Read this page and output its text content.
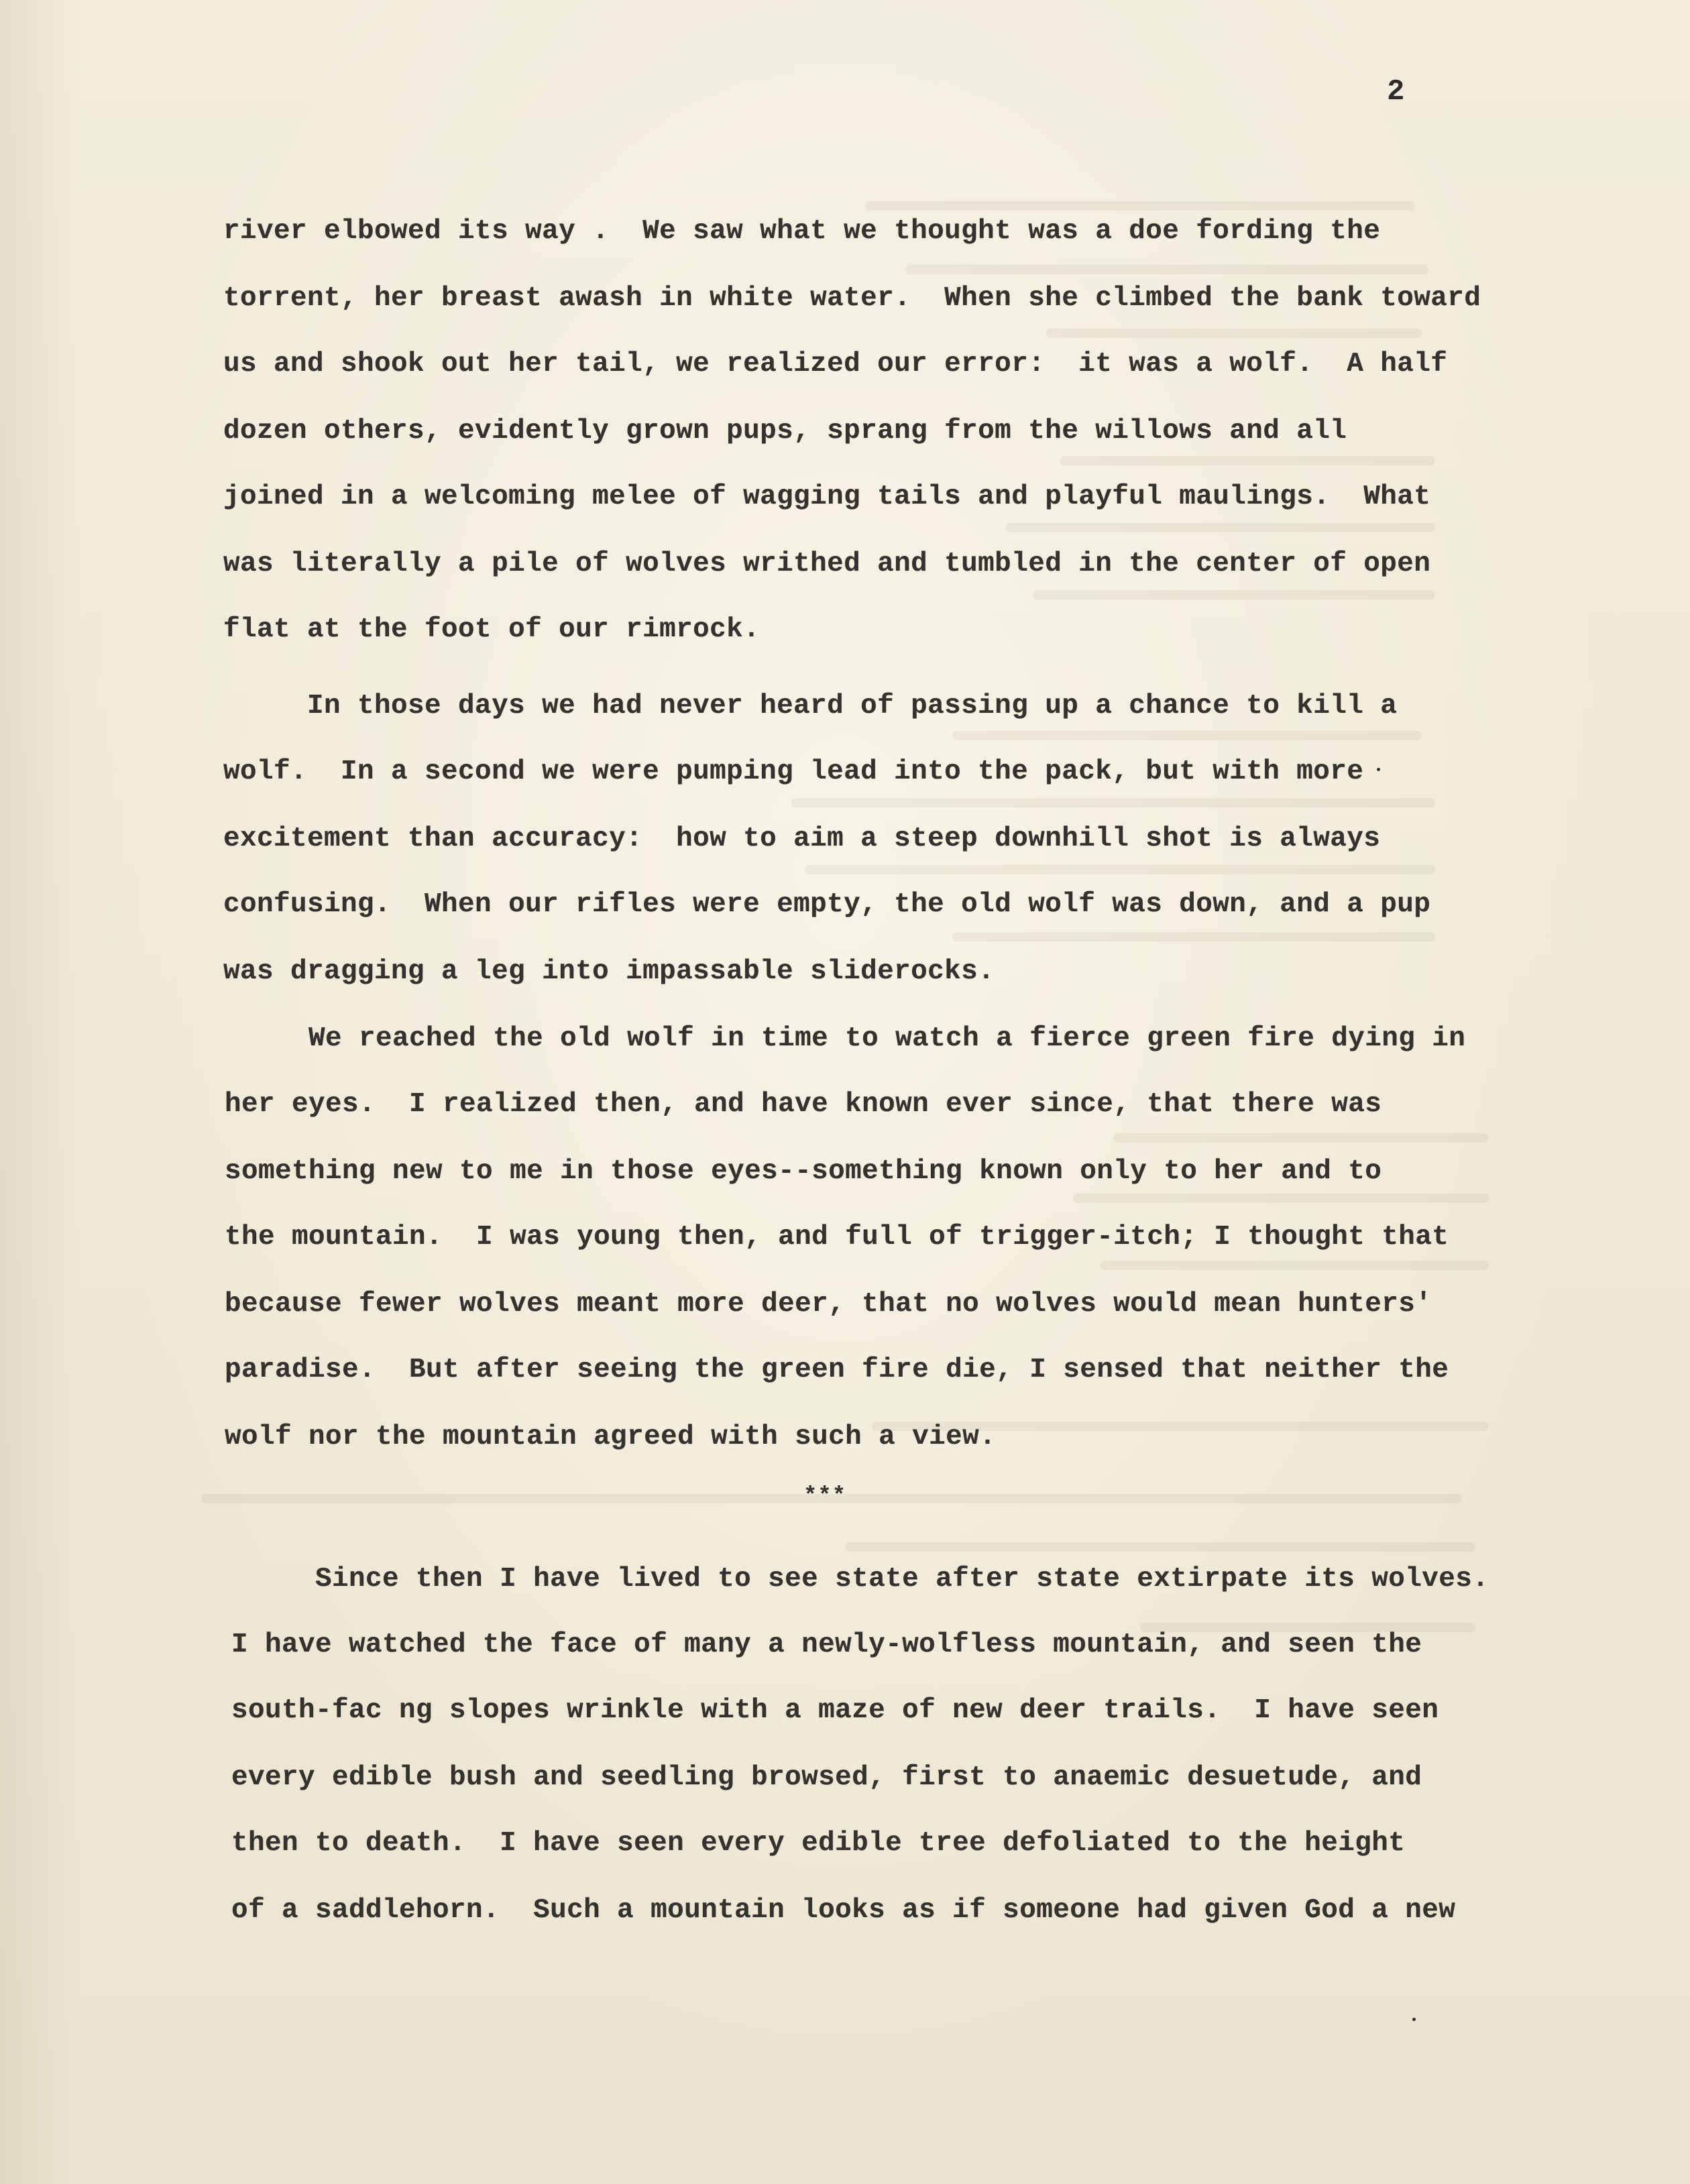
2
river elbowed its way .  We saw what we thought was a doe fording the
torrent, her breast awash in white water.  When she climbed the bank toward
us and shook out her tail, we realized our error:  it was a wolf.  A half
dozen others, evidently grown pups, sprang from the willows and all
joined in a welcoming melee of wagging tails and playful maulings.  What
was literally a pile of wolves writhed and tumbled in the center of open
flat at the foot of our rimrock.
In those days we had never heard of passing up a chance to kill a
wolf.  In a second we were pumping lead into the pack, but with more
excitement than accuracy:  how to aim a steep downhill shot is always
confusing.  When our rifles were empty, the old wolf was down, and a pup
was dragging a leg into impassable sliderocks.
We reached the old wolf in time to watch a fierce green fire dying in
her eyes.  I realized then, and have known ever since, that there was
something new to me in those eyes--something known only to her and to
the mountain.  I was young then, and full of trigger-itch; I thought that
because fewer wolves meant more deer, that no wolves would mean hunters'
paradise.  But after seeing the green fire die, I sensed that neither the
wolf nor the mountain agreed with such a view.
***
Since then I have lived to see state after state extirpate its wolves.
I have watched the face of many a newly-wolfless mountain, and seen the
south-fac ng slopes wrinkle with a maze of new deer trails.  I have seen
every edible bush and seedling browsed, first to anaemic desuetude, and
then to death.  I have seen every edible tree defoliated to the height
of a saddlehorn.  Such a mountain looks as if someone had given God a new
